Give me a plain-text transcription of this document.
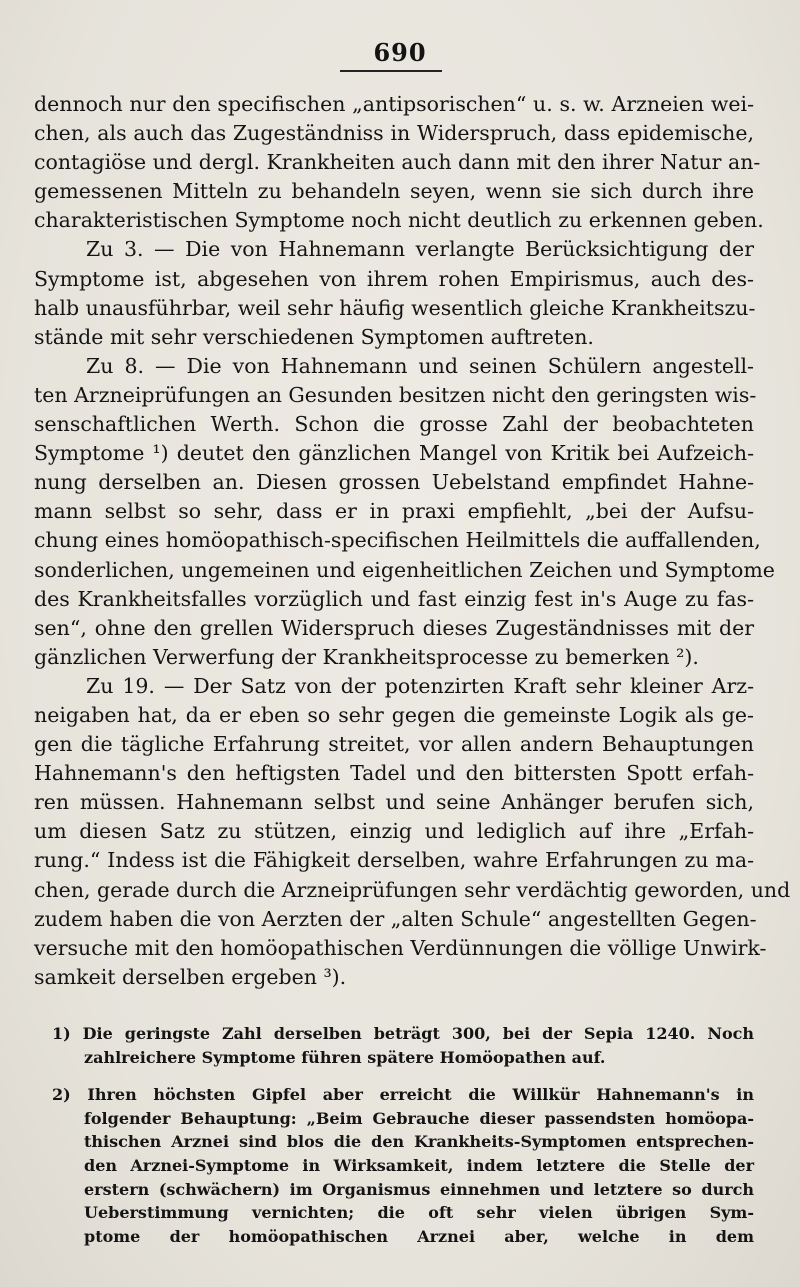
690
dennoch nur den specifischen „antipsorischen“ u. s. w. Arzneien wei-
chen, als auch das Zugeständniss in Widerspruch, dass epidemische,
contagiöse und dergl. Krankheiten auch dann mit den ihrer Natur an-
gemessenen Mitteln zu behandeln seyen, wenn sie sich durch ihre
charakteristischen Symptome noch nicht deutlich zu erkennen geben.
Zu 3. — Die von Hahnemann verlangte Berücksichtigung der
Symptome ist, abgesehen von ihrem rohen Empirismus, auch des-
halb unausführbar, weil sehr häufig wesentlich gleiche Krankheitszu-
stände mit sehr verschiedenen Symptomen auftreten.
Zu 8. — Die von Hahnemann und seinen Schülern angestell-
ten Arzneiprüfungen an Gesunden besitzen nicht den geringsten wis-
senschaftlichen Werth. Schon die grosse Zahl der beobachteten
Symptome ¹) deutet den gänzlichen Mangel von Kritik bei Aufzeich-
nung derselben an. Diesen grossen Uebelstand empfindet Hahne-
mann selbst so sehr, dass er in praxi empfiehlt, „bei der Aufsu-
chung eines homöopathisch-specifischen Heilmittels die auffallenden,
sonderlichen, ungemeinen und eigenheitlichen Zeichen und Symptome
des Krankheitsfalles vorzüglich und fast einzig fest in's Auge zu fas-
sen“, ohne den grellen Widerspruch dieses Zugeständnisses mit der
gänzlichen Verwerfung der Krankheitsprocesse zu bemerken ²).
Zu 19. — Der Satz von der potenzirten Kraft sehr kleiner Arz-
neigaben hat, da er eben so sehr gegen die gemeinste Logik als ge-
gen die tägliche Erfahrung streitet, vor allen andern Behauptungen
Hahnemann's den heftigsten Tadel und den bittersten Spott erfah-
ren müssen. Hahnemann selbst und seine Anhänger berufen sich,
um diesen Satz zu stützen, einzig und lediglich auf ihre „Erfah-
rung.“ Indess ist die Fähigkeit derselben, wahre Erfahrungen zu ma-
chen, gerade durch die Arzneiprüfungen sehr verdächtig geworden, und
zudem haben die von Aerzten der „alten Schule“ angestellten Gegen-
versuche mit den homöopathischen Verdünnungen die völlige Unwirk-
samkeit derselben ergeben ³).
1) Die geringste Zahl derselben beträgt 300, bei der Sepia 1240. Noch
zahlreichere Symptome führen spätere Homöopathen auf.
2) Ihren höchsten Gipfel aber erreicht die Willkür Hahnemann's in
folgender Behauptung: „Beim Gebrauche dieser passendsten homöopa-
thischen Arznei sind blos die den Krankheits-Symptomen entsprechen-
den Arznei-Symptome in Wirksamkeit, indem letztere die Stelle der
erstern (schwächern) im Organismus einnehmen und letztere so durch
Ueberstimmung vernichten; die oft sehr vielen übrigen Sym-
ptome der homöopathischen Arznei aber, welche in dem
